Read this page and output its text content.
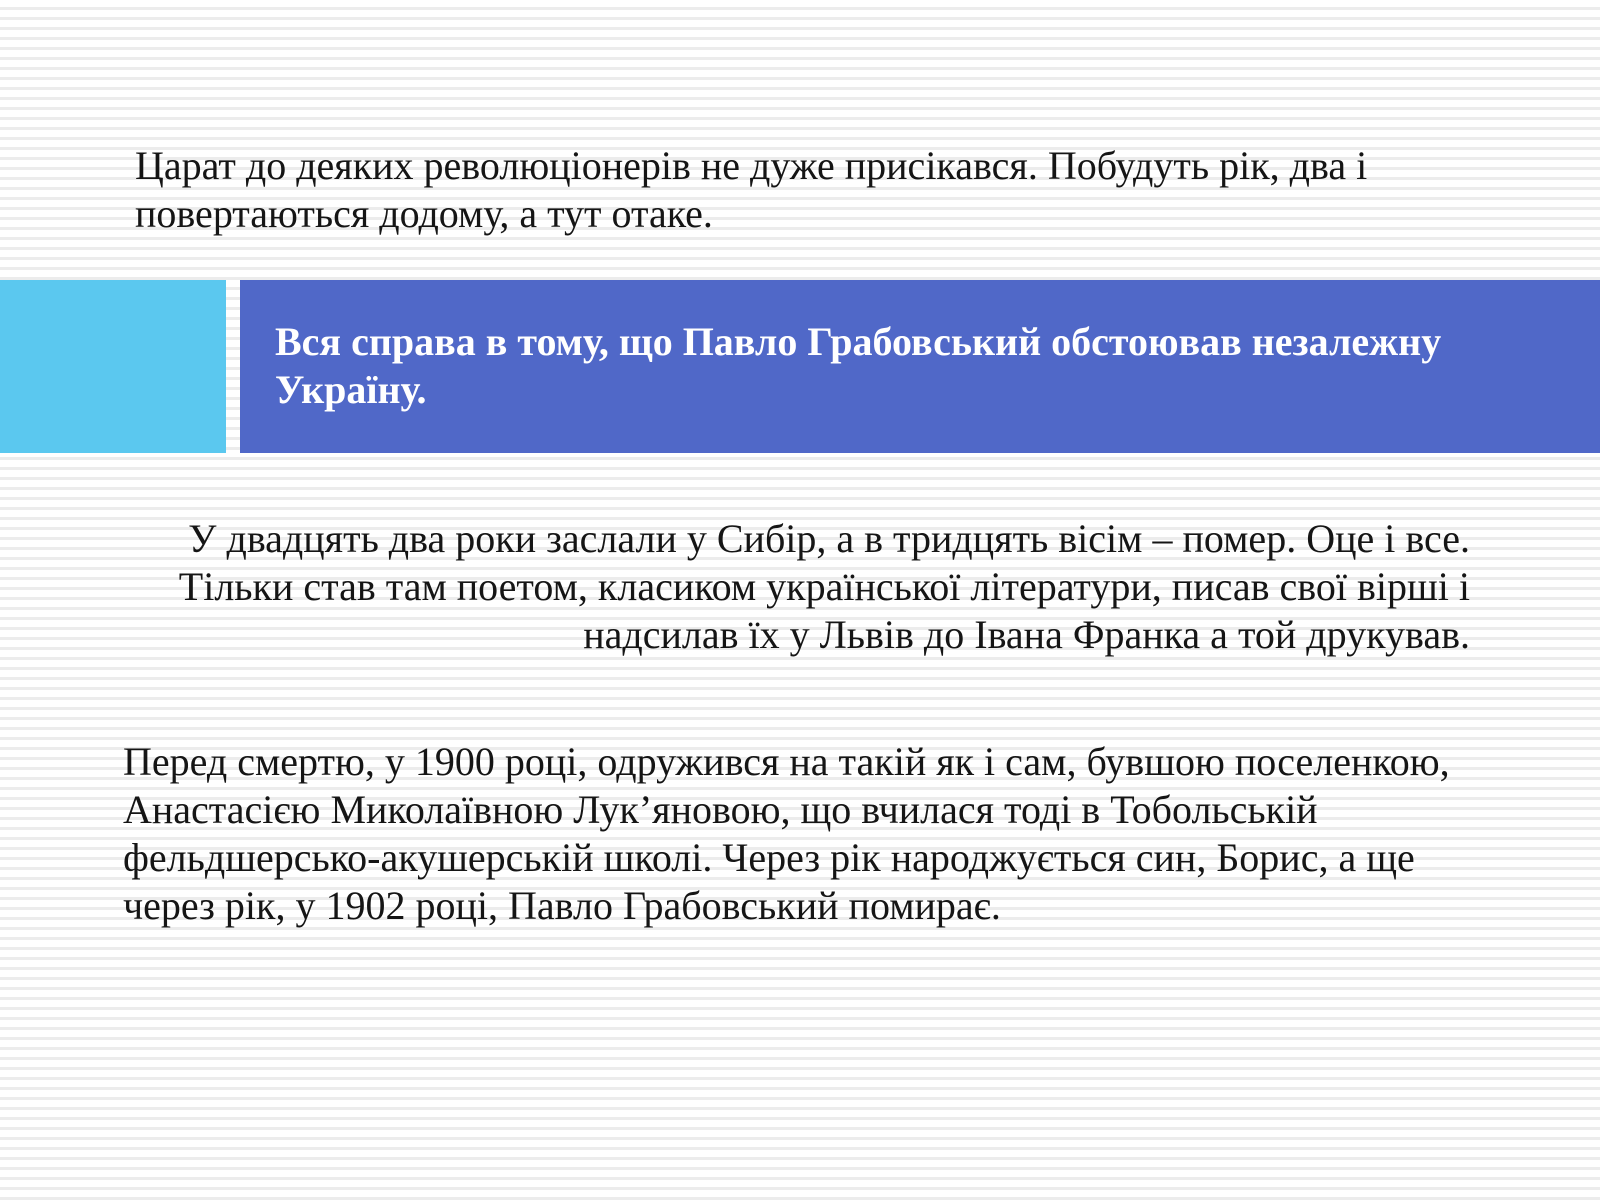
Царат до деяких революціонерів не дуже присікався. Побудуть рік, два і повертаються додому, а тут отаке.

Вся справа в тому, що Павло Грабовський обстоював незалежну Україну.

У двадцять два роки заслали у Сибір, а в тридцять вісім – помер. Оце і все. Тільки став там поетом, класиком української літератури, писав свої вірші і надсилав їх у Львів до Івана Франка а той друкував.

Перед смертю, у 1900 році, одружився на такій як і сам, бувшою поселенкою, Анастасією Миколаївною Лук’яновою, що вчилася тоді в Тобольській фельдшерсько-акушерській школі. Через рік народжується син, Борис, а ще через рік, у 1902 році, Павло Грабовський помирає.
